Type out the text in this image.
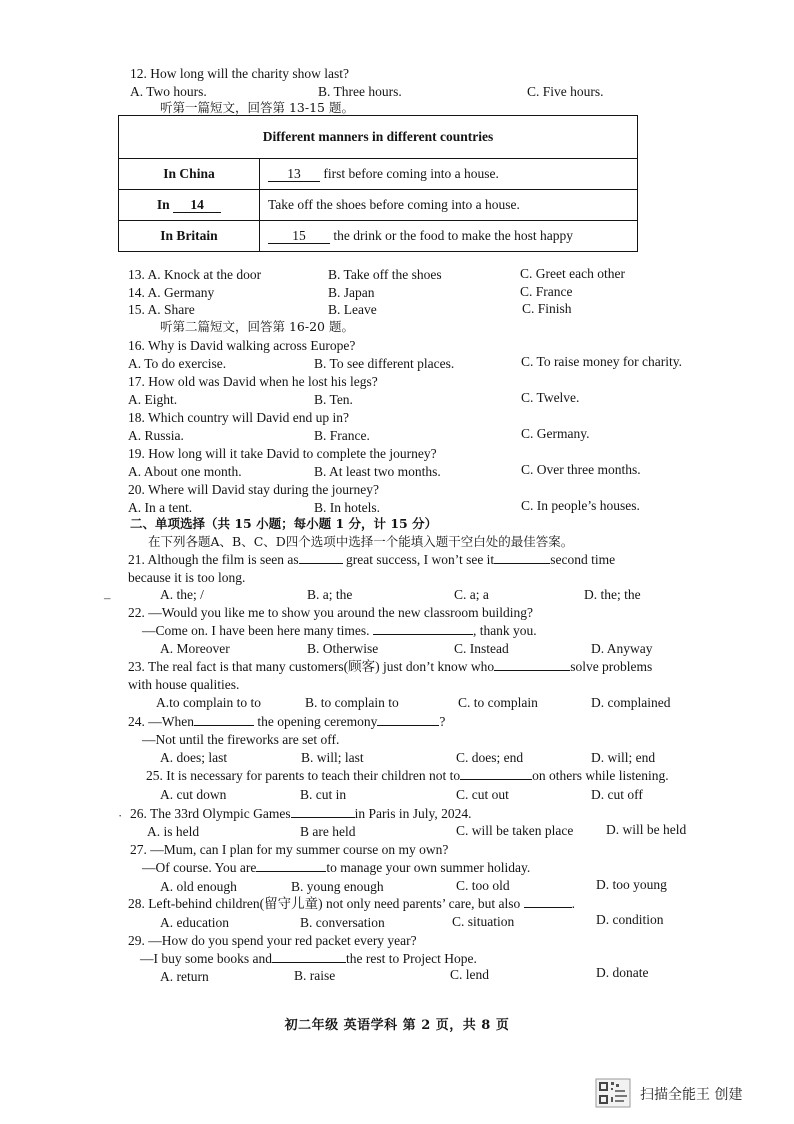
12. How long will the charity show last?
A. Two hours.	B. Three hours.	C. Five hours.
听第一篇短文，回答第 13-15 题。
Different manners in different countries	
In China	13 first before coming into a house.
In 14	Take off the shoes before coming into a house.
In Britain	15 the drink or the food to make the host happy
13. A. Knock at the door	B. Take off the shoes	C. Greet each other
14. A. Germany	B. Japan	C. France
15. A. Share	B. Leave	C. Finish
听第二篇短文，回答第 16-20 题。
16. Why is David walking across Europe?
A. To do exercise.	B. To see different places.	C. To raise money for charity.
17. How old was David when he lost his legs?
A. Eight.	B. Ten.	C. Twelve.
18. Which country will David end up in?
A. Russia.	B. France.	C. Germany.
19. How long will it take David to complete the journey?
A. About one month.	B. At least two months.	C. Over three months.
20. Where will David stay during the journey?
A. In a tent.	B. In hotels.	C. In people’s houses.
二、单项选择（共 15 小题；每小题 1 分，计 15 分）
在下列各题A、B、C、D四个选项中选择一个能填入题干空白处的最佳答案。
21. Although the film is seen as	great success, I won’t see it	second time
because it is too long.
A. the; /	B. a; the	C. a; a	D. the; the
22. —Would you like me to show you around the new classroom building?
—Come on. I have been here many times.	, thank you.
A. Moreover	B. Otherwise	C. Instead	D. Anyway
23. The real fact is that many customers(顾客) just don’t know who	solve problems
with house qualities.
A.to complain to to	B. to complain to	C. to complain	D. complained
24. —When	the opening ceremony	?
—Not until the fireworks are set off.
A. does; last	B. will; last	C. does; end	D. will; end
25. It is necessary for parents to teach their children not to	on others while listening.
A. cut down	B. cut in	C. cut out	D. cut off
26. The 33rd Olympic Games	in Paris in July, 2024.
A. is held	B are held	C. will be taken place D. will be held
27. —Mum, can I plan for my summer course on my own?
—Of course. You are	to manage your own summer holiday.
A. old enough	B. young enough	C. too old	D. too young
28. Left-behind children(留守儿童) not only need parents’ care, but also	.
A. education	B. conversation	C. situation	D. condition
29. —How do you spend your red packet every year?
—I buy some books and	the rest to Project Hope.
A. return	B. raise	C. lend	D. donate
‒
·
初二年级 英语学科 第 2 页，共 8 页
扫描全能王 创建
